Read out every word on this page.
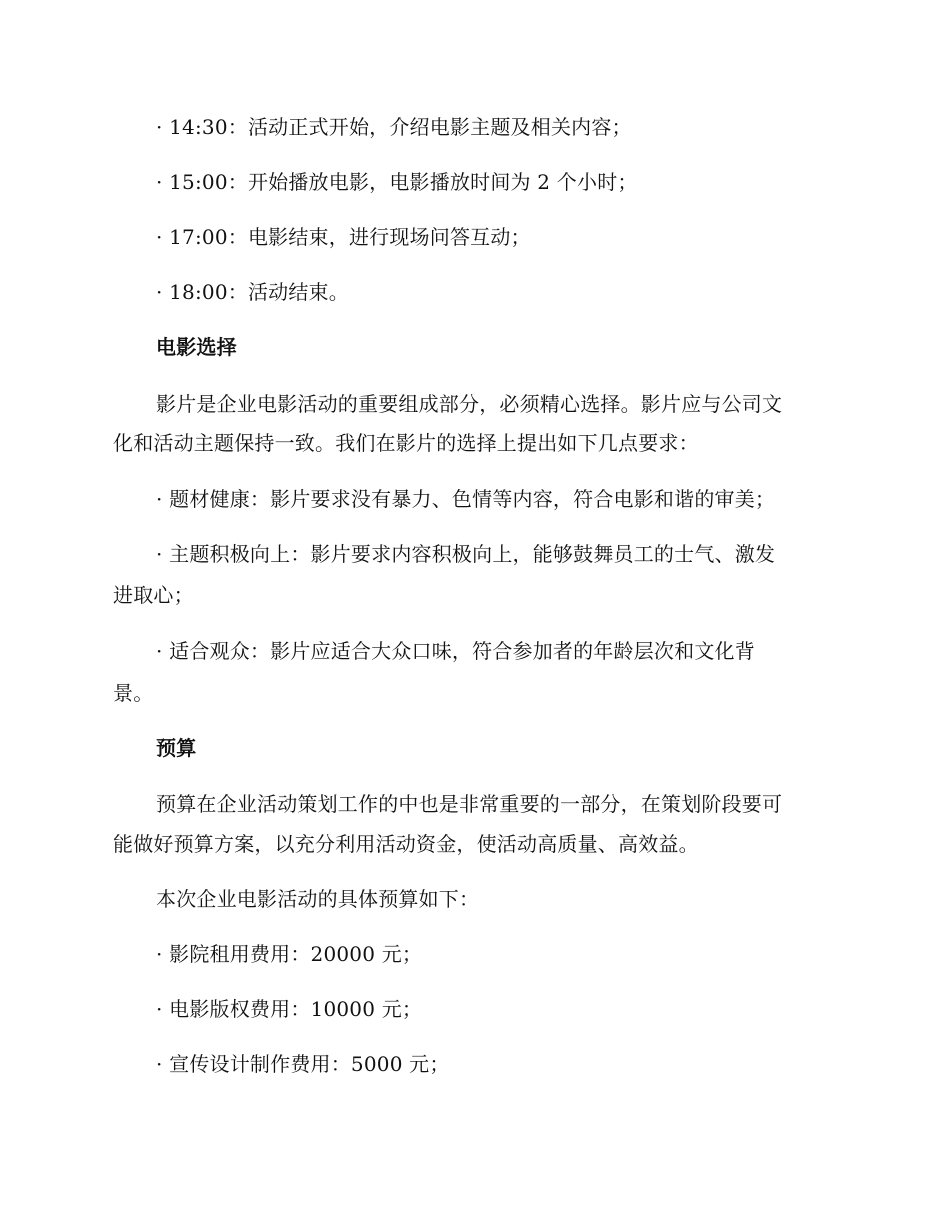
· 14:30：活动正式开始，介绍电影主题及相关内容；
· 15:00：开始播放电影，电影播放时间为 2 个小时；
· 17:00：电影结束，进行现场问答互动；
· 18:00：活动结束。
电影选择
影片是企业电影活动的重要组成部分，必须精心选择。影片应与公司文
化和活动主题保持一致。我们在影片的选择上提出如下几点要求：
· 题材健康：影片要求没有暴力、色情等内容，符合电影和谐的审美；
· 主题积极向上：影片要求内容积极向上，能够鼓舞员工的士气、激发
进取心；
· 适合观众：影片应适合大众口味，符合参加者的年龄层次和文化背
景。
预算
预算在企业活动策划工作的中也是非常重要的一部分，在策划阶段要可
能做好预算方案，以充分利用活动资金，使活动高质量、高效益。
本次企业电影活动的具体预算如下：
· 影院租用费用：20000 元；
· 电影版权费用：10000 元；
· 宣传设计制作费用：5000 元；
